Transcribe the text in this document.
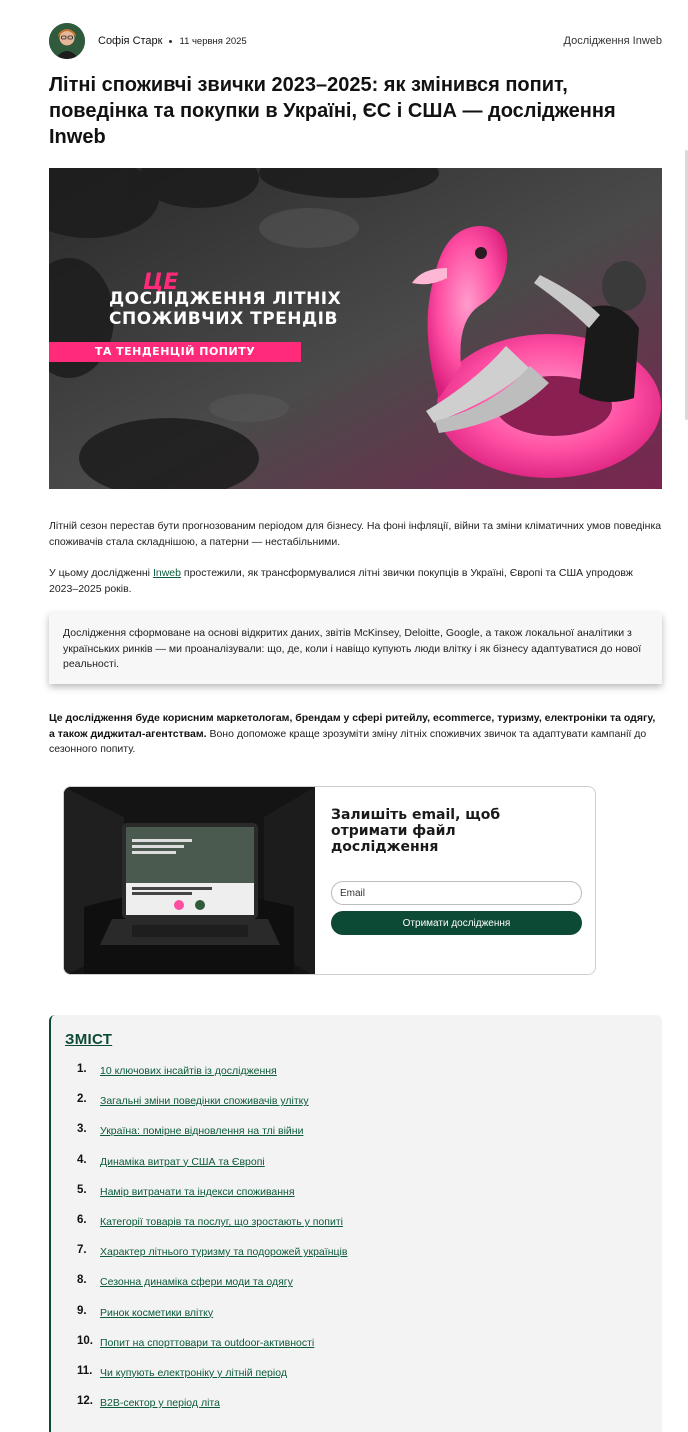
Софія Старк 11 червня 2025	Дослідження Inweb
Літні споживчі звички 2023–2025: як змінився попит, поведінка та покупки в Україні, ЄС і США — дослідження Inweb
ЦЕ
ДОСЛІДЖЕННЯ ЛІТНІХ
СПОЖИВЧИХ ТРЕНДІВ
ТА ТЕНДЕНЦІЙ ПОПИТУ

Літній сезон перестав бути прогнозованим періодом для бізнесу. На фоні інфляції, війни та зміни кліматичних умов поведінка споживачів стала складнішою, а патерни — нестабільними.

У цьому дослідженні Inweb простежили, як трансформувалися літні звички покупців в Україні, Європі та США упродовж 2023–2025 років.

Дослідження сформоване на основі відкритих даних, звітів McKinsey, Deloitte, Google, а також локальної аналітики з українських ринків — ми проаналізували: що, де, коли і навіщо купують люди влітку і як бізнесу адаптуватися до нової реальності.

Це дослідження буде корисним маркетологам, брендам у сфері ритейлу, ecommerce, туризму, електроніки та одягу, а також диджитал-агентствам. Воно допоможе краще зрозуміти зміну літніх споживчих звичок та адаптувати кампанії до сезонного попиту.

Залишіть email, щоб отримати файл дослідження
Email
Отримати дослідження
ЗМІСТ
1.	10 ключових інсайтів із дослідження
2.	Загальні зміни поведінки споживачів улітку
3.	Україна: помірне відновлення на тлі війни
4.	Динаміка витрат у США та Європі
5.	Намір витрачати та індекси споживання
6.	Категорії товарів та послуг, що зростають у попиті
7.	Характер літнього туризму та подорожей українців
8.	Сезонна динаміка сфери моди та одягу
9.	Ринок косметики влітку
10. Попит на спорттовари та outdoor-активності
11. Чи купують електроніку у літній період
12. B2B-сектор у період літа
